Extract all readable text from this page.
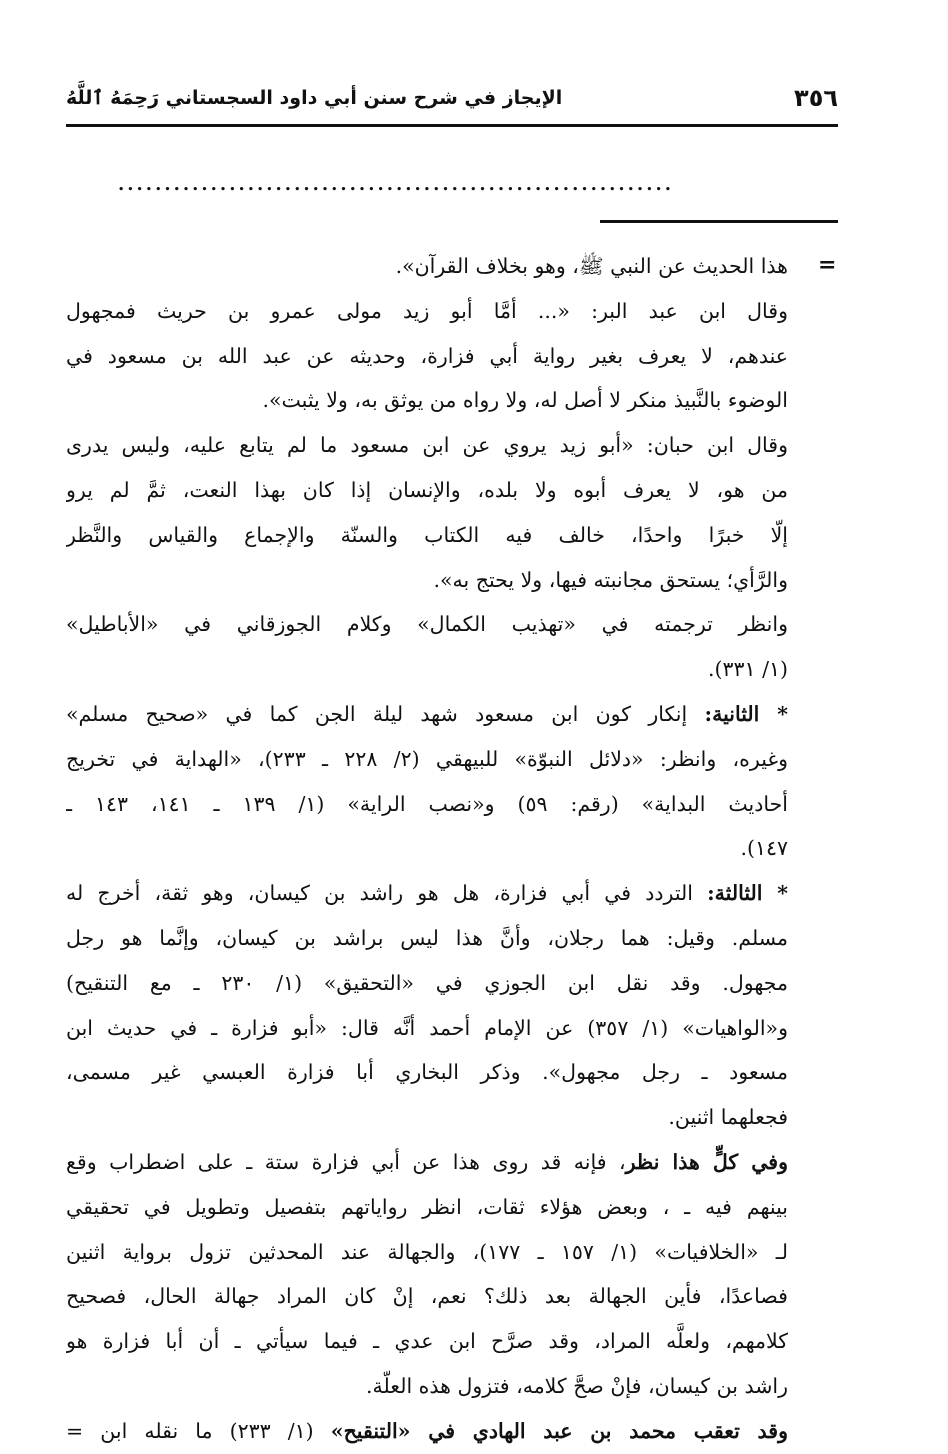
٣٥٦
الإيجاز في شرح سنن أبي داود السجستاني رَحِمَهُ ٱللَّهُ
............................................................
=
هذا الحديث عن النبي ﷺ، وهو بخلاف القرآن».
وقال ابن عبد البر: «... أمَّا أبو زيد مولى عمرو بن حريث فمجهول
عندهم، لا يعرف بغير رواية أبي فزارة، وحديثه عن عبد الله بن مسعود في
الوضوء بالنَّبيذ منكر لا أصل له، ولا رواه من يوثق به، ولا يثبت».
وقال ابن حبان: «أبو زيد يروي عن ابن مسعود ما لم يتابع عليه، وليس يدرى
من هو، لا يعرف أبوه ولا بلده، والإنسان إذا كان بهذا النعت، ثمَّ لم يرو
إلّا خبرًا واحدًا، خالف فيه الكتاب والسنّة والإجماع والقياس والنَّظر
والرَّأي؛ يستحق مجانبته فيها، ولا يحتج به».
وانظر ترجمته في «تهذيب الكمال» وكلام الجوزقاني في «الأباطيل»
(١/ ٣٣١).
* الثانية: إنكار كون ابن مسعود شهد ليلة الجن كما في «صحيح مسلم»
وغيره، وانظر: «دلائل النبوّة» للبيهقي (٢/ ٢٢٨ ـ ٢٣٣)، «الهداية في تخريج
أحاديث البداية» (رقم: ٥٩) و«نصب الراية» (١/ ١٣٩ ـ ١٤١، ١٤٣ ـ
١٤٧).
* الثالثة: التردد في أبي فزارة، هل هو راشد بن كيسان، وهو ثقة، أخرج له
مسلم. وقيل: هما رجلان، وأنَّ هذا ليس براشد بن كيسان، وإنَّما هو رجل
مجهول. وقد نقل ابن الجوزي في «التحقيق» (١/ ٢٣٠ ـ مع التنقيح)
و«الواهيات» (١/ ٣٥٧) عن الإمام أحمد أنَّه قال: «أبو فزارة ـ في حديث ابن
مسعود ـ رجل مجهول». وذكر البخاري أبا فزارة العبسي غير مسمى،
فجعلهما اثنين.
وفي كلٍّ هذا نظر، فإنه قد روى هذا عن أبي فزارة ستة ـ على اضطراب وقع
بينهم فيه ـ ، وبعض هؤلاء ثقات، انظر رواياتهم بتفصيل وتطويل في تحقيقي
لـ «الخلافيات» (١/ ١٥٧ ـ ١٧٧)، والجهالة عند المحدثين تزول برواية اثنين
فصاعدًا، فأين الجهالة بعد ذلك؟ نعم، إنْ كان المراد جهالة الحال، فصحيح
كلامهم، ولعلَّه المراد، وقد صرَّح ابن عدي ـ فيما سيأتي ـ أن أبا فزارة هو
راشد بن كيسان، فإنْ صحَّ كلامه، فتزول هذه العلّة.
وقد تعقب محمد بن عبد الهادي في «التنقيح» (١/ ٢٣٣) ما نقله ابن =
